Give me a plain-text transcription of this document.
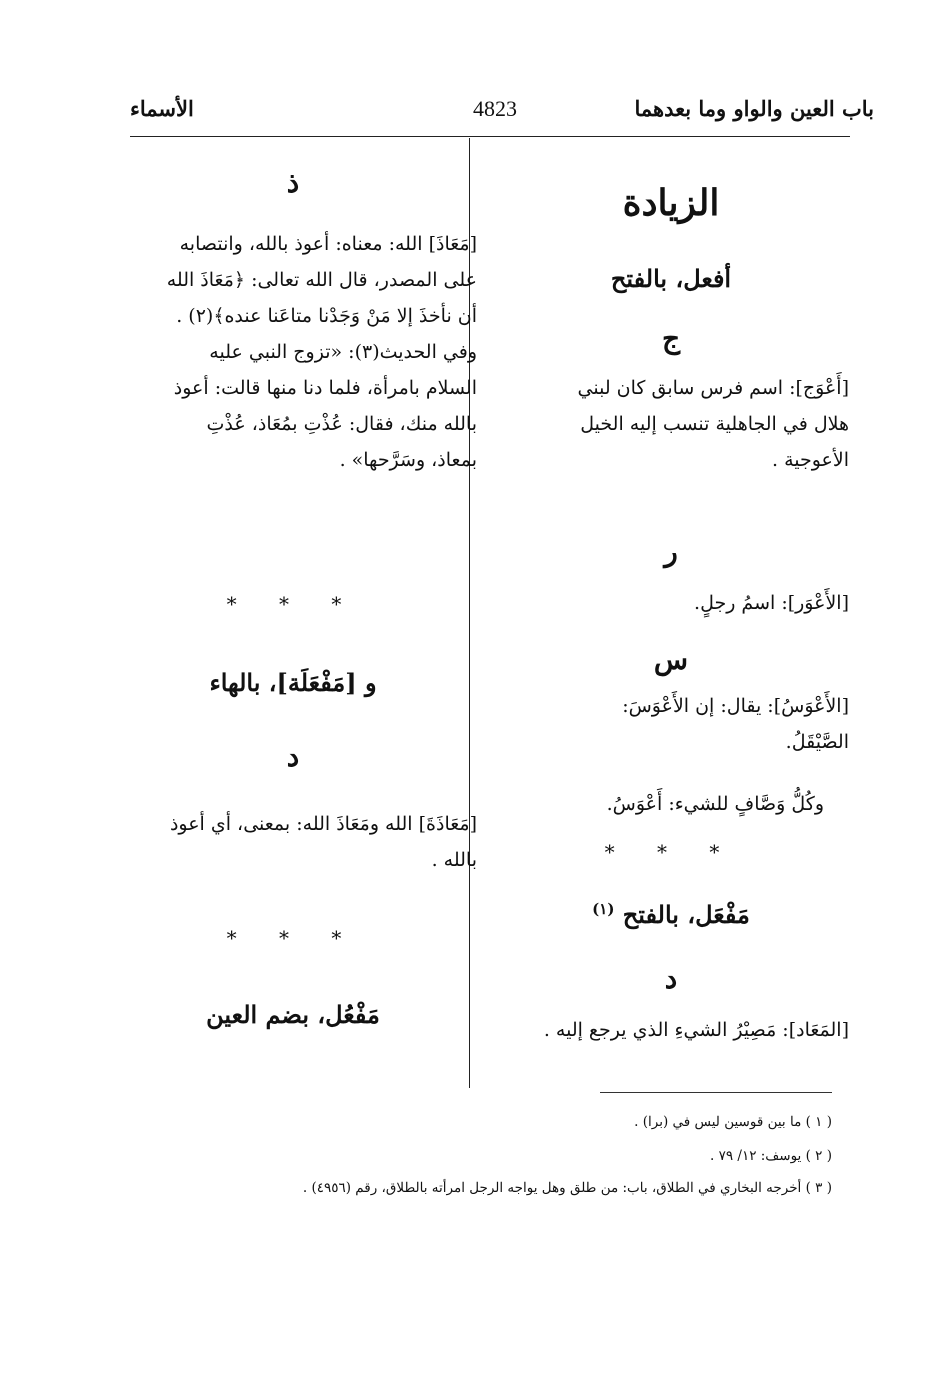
باب العين والواو وما بعدهما
4823
الأسماء
الزيادة
أفعل، بالفتح
ج
[أَعْوَج]: اسم فرس سابق كان لبني
هلال في الجاهلية تنسب إليه الخيل
الأعوجية .
ر
[الأَعْوَر]: اسمُ رجلٍ.
س
[الأَعْوَسُ]: يقال: إن الأَعْوَسَ:
الصَّيْقَلُ.
وكُلُّ وَصَّافٍ للشيء: أَعْوَسُ.
* * *
مَفْعَل، بالفتح $^{(١)}$
د
[المَعَاد]: مَصِيْرُ الشيءِ الذي يرجع إليه .
ذ
[مَعَاذَ] الله: معناه: أعوذ بالله، وانتصابه
على المصدر، قال الله تعالى: ﴿مَعَاذَ الله
أن نأخذَ إلا مَنْ وَجَدْنا متاعَنا عنده﴾(٢) .
وفي الحديث(٣): «تزوج النبي عليه
السلام بامرأة، فلما دنا منها قالت: أعوذ
بالله منك، فقال: عُذْتِ بمُعَاذ، عُذْتِ
بمعاذ، وسَرَّحها» .
* * *
و [مَفْعَلَة]، بالهاء
د
[مَعَاذَةَ] الله ومَعَاذَ الله: بمعنى، أي أعوذ
بالله .
* * *
مَفْعُل، بضم العين
( ١ ) ما بين قوسين ليس في (برا) .
( ٢ ) يوسف: ١٢/ ٧٩ .
( ٣ ) أخرجه البخاري في الطلاق، باب: من طلق وهل يواجه الرجل امرأته بالطلاق، رقم (٤٩٥٦) .
